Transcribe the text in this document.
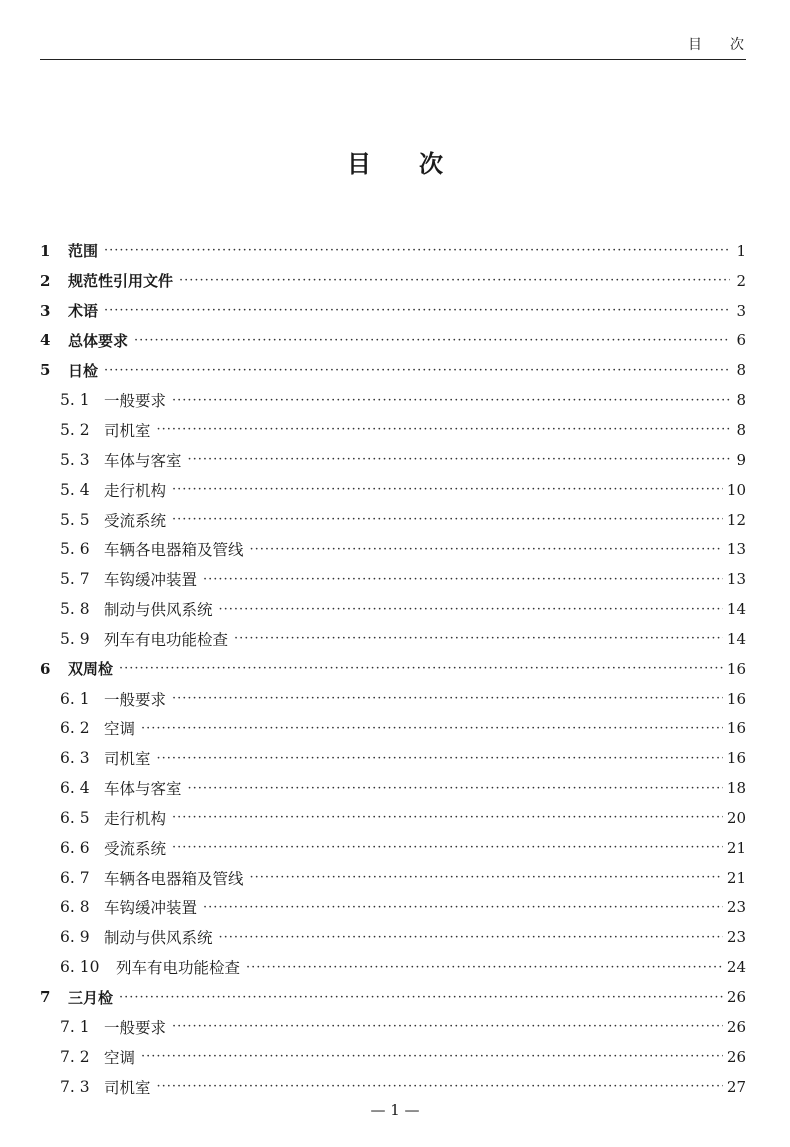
目　　次
目 次
1	范围 ·····	1
2	规范性引用文件 ·····	2
3	术语 ·····	3
4	总体要求 ·····	6
5	日检 ·····	8
5. 1 一般要求 ·····	8
5. 2 司机室 ·····	8
5. 3 车体与客室 ·····	9
5. 4 走行机构 ·····	10
5. 5 受流系统 ·····	12
5. 6 车辆各电器箱及管线 ·····	13
5. 7 车钩缓冲装置 ·····	13
5. 8 制动与供风系统 ·····	14
5. 9 列车有电功能检查 ·····	14
6	双周检 ·····	16
6. 1 一般要求 ·····	16
6. 2 空调 ·····	16
6. 3 司机室 ·····	16
6. 4 车体与客室 ·····	18
6. 5 走行机构 ·····	20
6. 6 受流系统 ·····	21
6. 7 车辆各电器箱及管线 ·····	21
6. 8 车钩缓冲装置 ·····	23
6. 9 制动与供风系统 ·····	23
6. 10	列车有电功能检查 ·····	24
7	三月检 ·····	26
7. 1 一般要求 ·····	26
7. 2 空调 ·····	26
7. 3 司机室 ·····	27
— 1 —
